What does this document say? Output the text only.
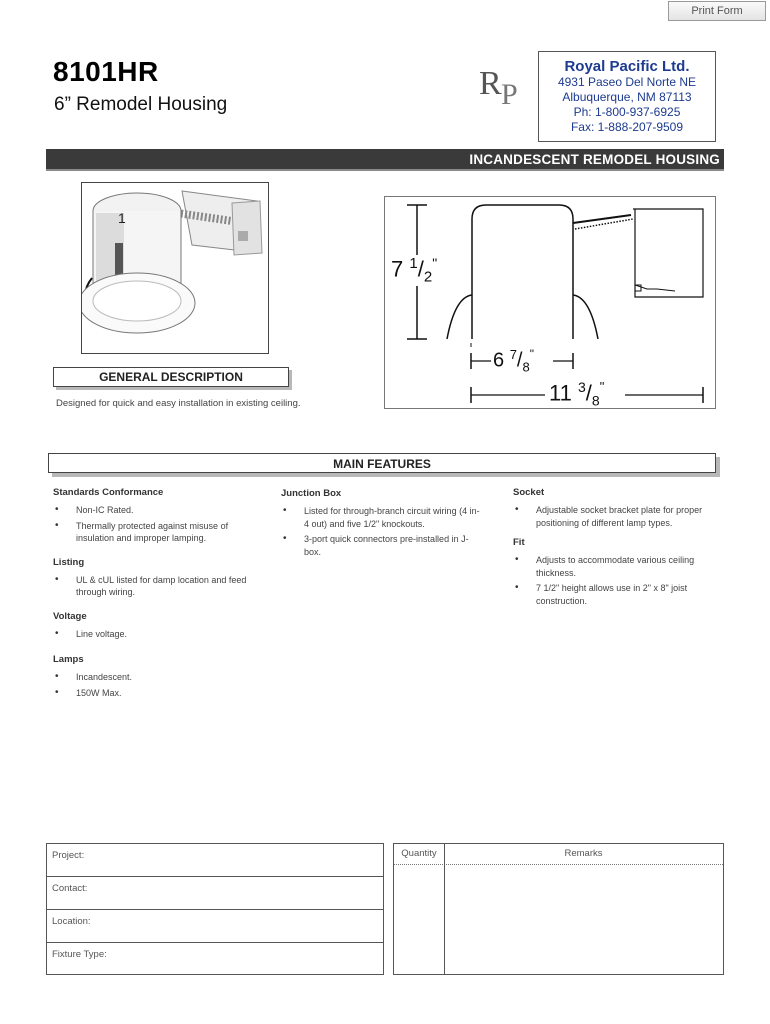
Print Form
8101HR
6” Remodel Housing
R P
Royal Pacific Ltd.
4931 Paseo Del Norte NE
Albuquerque, NM 87113
Ph: 1-800-937-6925
Fax: 1-888-207-9509
INCANDESCENT REMODEL HOUSING
1
7 $^1/_2^"$
6 $^7/_8^"$
11 $^3/_8^"$
GENERAL DESCRIPTION
Designed for quick and easy installation in existing ceiling.
MAIN FEATURES
Standards Conformance
• Non-IC Rated.
• Thermally protected against misuse of insulation and improper lamping.
Listing
• UL & cUL listed for damp location and feed through wiring.
Voltage
• Line voltage.
Lamps
• Incandescent.
• 150W Max.
Junction Box
• Listed for through-branch circuit wiring (4 in-4 out) and five 1/2" knockouts.
• 3-port quick connectors pre-installed in J-box.
Socket
• Adjustable socket bracket plate for proper positioning of different lamp types.
Fit
• Adjusts to accommodate various ceiling thickness.
• 7 1/2" height allows use in 2" x 8" joist construction.
Project:
Contact:
Location:
Fixture Type:
Quantity	Remarks
